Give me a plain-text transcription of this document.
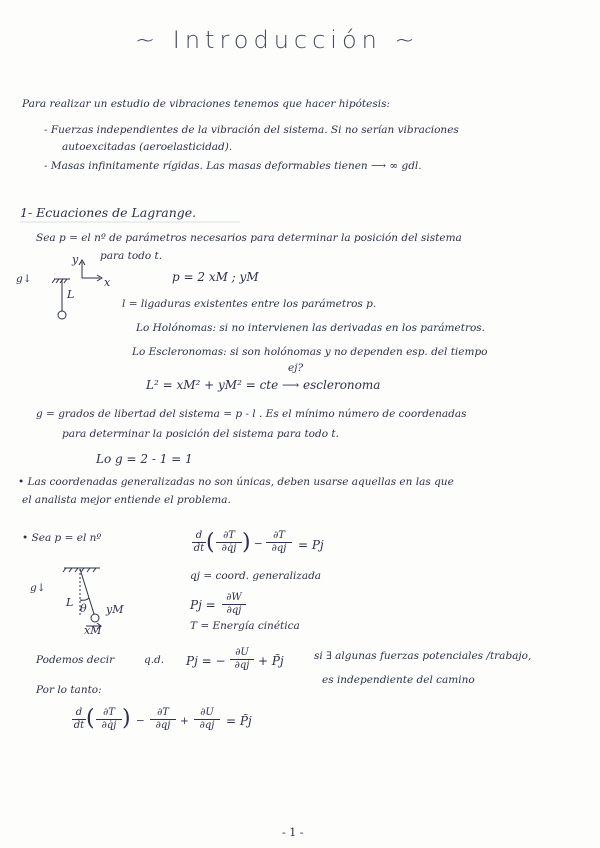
~ Introducción ~
Para realizar un estudio de vibraciones tenemos que hacer hipótesis:
- Fuerzas independientes de la vibración del sistema. Si no serían vibraciones
autoexcitadas (aeroelasticidad).
- Masas infinitamente rígidas. Las masas deformables tienen ⟶ ∞ gdl.
1- Ecuaciones de Lagrange.
Sea p = el nº de parámetros necesarios para determinar la posición del sistema
para todo t.
p = 2 xM ; yM
g↓
y
x
L
l = ligaduras existentes entre los parámetros p.
Lo Holónomas: si no intervienen las derivadas en los parámetros.
Lo Escleronomas: si son holónomas y no dependen esp. del tiempo
ej?
L² = xM² + yM² = cte ⟶ escleronoma
g = grados de libertad del sistema = p - l . Es el mínimo número de coordenadas
para determinar la posición del sistema para todo t.
Lo g = 2 - 1 = 1
• Las coordenadas generalizadas no son únicas, deben usarse aquellas en las que
el analista mejor entiende el problema.
• Sea p = el nº	$\frac{d}{dt}$ ( $\frac{\partial T}{\partial q̇j}$ ) − $\frac{\partial T}{\partial qj} = Pj$
g↓
L θ yM
xM
qj = coord. generalizada
$Pj = \frac{\partial W}{\partial qj}$
T = Energía cinética
Podemos decir	q.d. Pj = − $\frac{\partial U}{\partial qj}$ + P̃j	si ∃ algunas fuerzas potenciales /trabajo,
es independiente del camino
Por lo tanto:
$\frac{d}{dt}$ ( $\frac{\partial T}{\partial q̇j}$ ) − $\frac{\partial T}{\partial qj} + \frac{\partial U}{\partial qj}$ = P̃j
- 1 -
